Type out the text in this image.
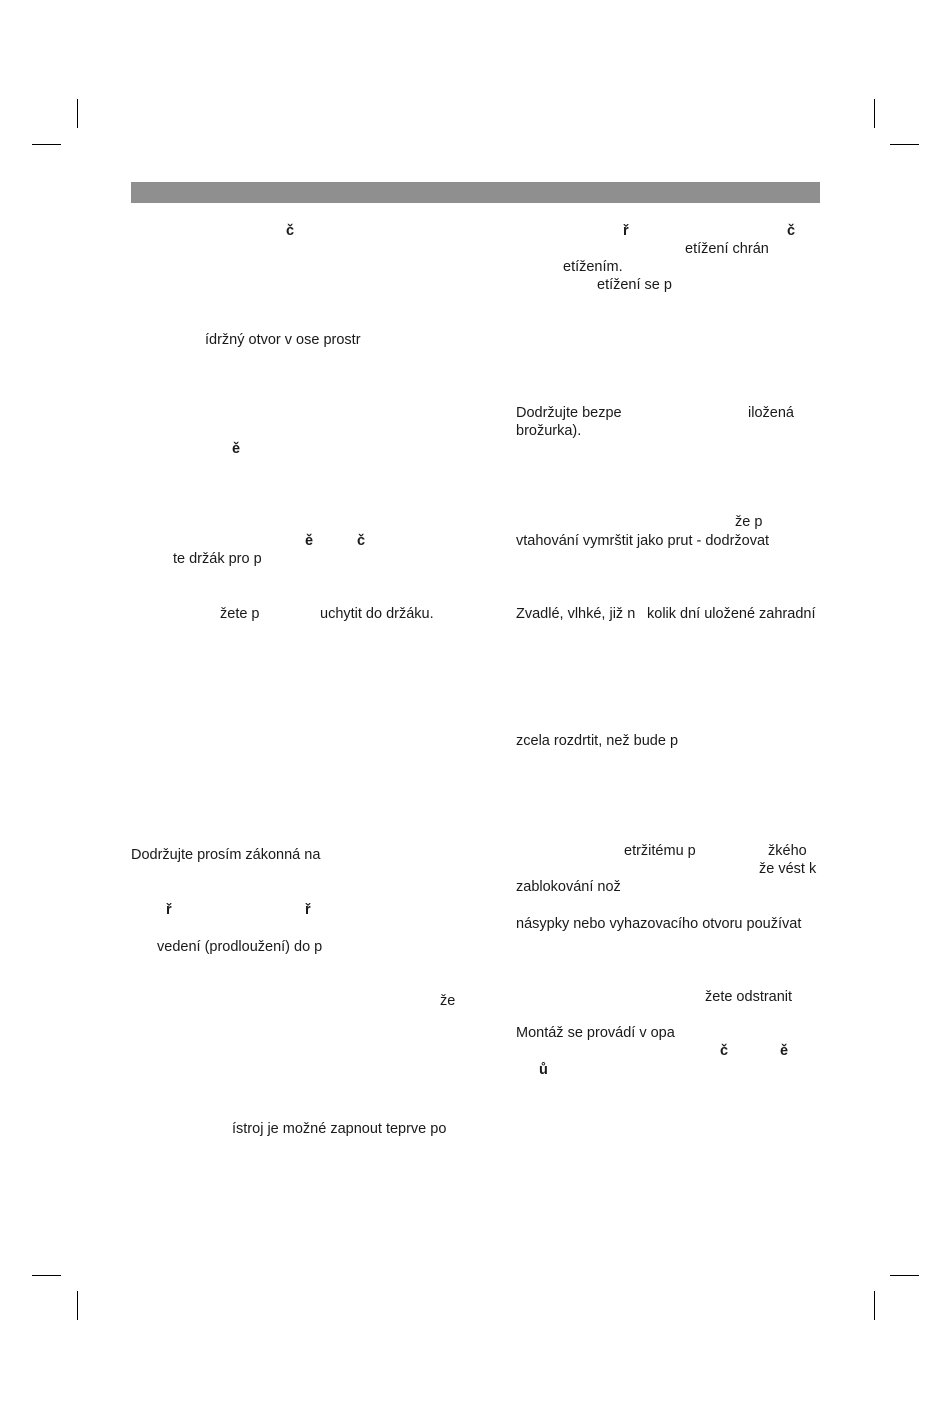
č
ídržný otvor v ose prostr
ě
ě	č
te držák pro p
žete p	uchytit do držáku.
Dodržujte prosím zákonná na
ř	ř
vedení (prodloužení) do p
že
ístroj je možné zapnout teprve po
ř	č
etížení chrán
etížením.
etížení se p
Dodržujte bezpe	iložená
brožurka).
že p
vtahování vymrštit jako prut - dodržovat
Zvadlé, vlhké, již n kolik dní uložené zahradní
zcela rozdrtit, než bude p
etržitému p	žkého
že vést k
zablokování nož
násypky nebo vyhazovacího otvoru používat
žete odstranit
Montáž se provádí v opa
č	ě
ů
